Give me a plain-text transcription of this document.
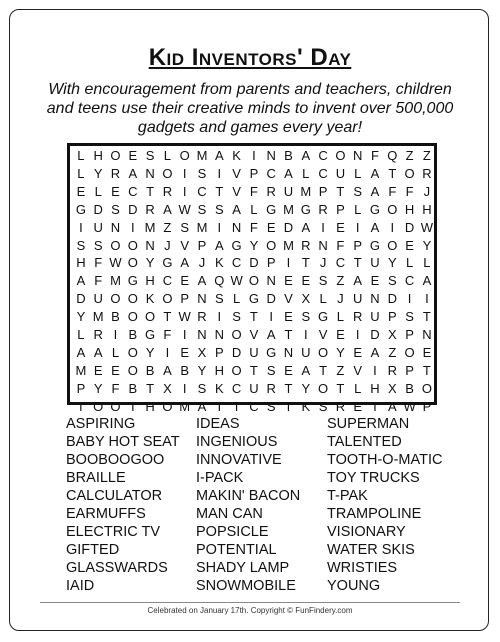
Kid Inventors' Day

With encouragement from parents and teachers, children and teens use their creative minds to invent over 500,000 gadgets and games every year!

L H O E S L O M A K I N B A C O N F Q Z Z
L Y R A N O I S I V P C A L C U L A T O R
E L E C T R I C T V F R U M P T S A F F J
G D S D R A W S S A L G M G R P L G O H H
I U N I M Z S M I N F E D A I E I A I D W
S S O O N J V P A G Y O M R N F P G O E Y
H F W O Y G A J K C D P I T J C T U Y L L
A F M G H C E A Q W O N E E S Z A E S C A
D U O O K O P N S L G D V X L J U N D I	I
Y M B O O T W R I S T I E S G L R U P S T
L R I B G F I N N O V A T I V E I D X P N
A A L O Y I E X P D U G N U O Y E A Z O E
M E E O B A B Y H O T S E A T Z V I R P T
P Y F B T X I S K C U R T Y O T L H X B O
T O O T H O M A T I C S I K S R E T A W P
ASPIRING
BABY HOT SEAT
BOOBOOGOO
BRAILLE
CALCULATOR
EARMUFFS
ELECTRIC TV
GIFTED
GLASSWARDS
IAID
IDEAS
INGENIOUS
INNOVATIVE
I-PACK
MAKIN' BACON
MAN CAN
POPSICLE
POTENTIAL
SHADY LAMP
SNOWMOBILE
SUPERMAN
TALENTED
TOOTH-O-MATIC
TOY TRUCKS
T-PAK
TRAMPOLINE
VISIONARY
WATER SKIS
WRISTIES
YOUNG
Celebrated on January 17th. Copyright © FunFindery.com
